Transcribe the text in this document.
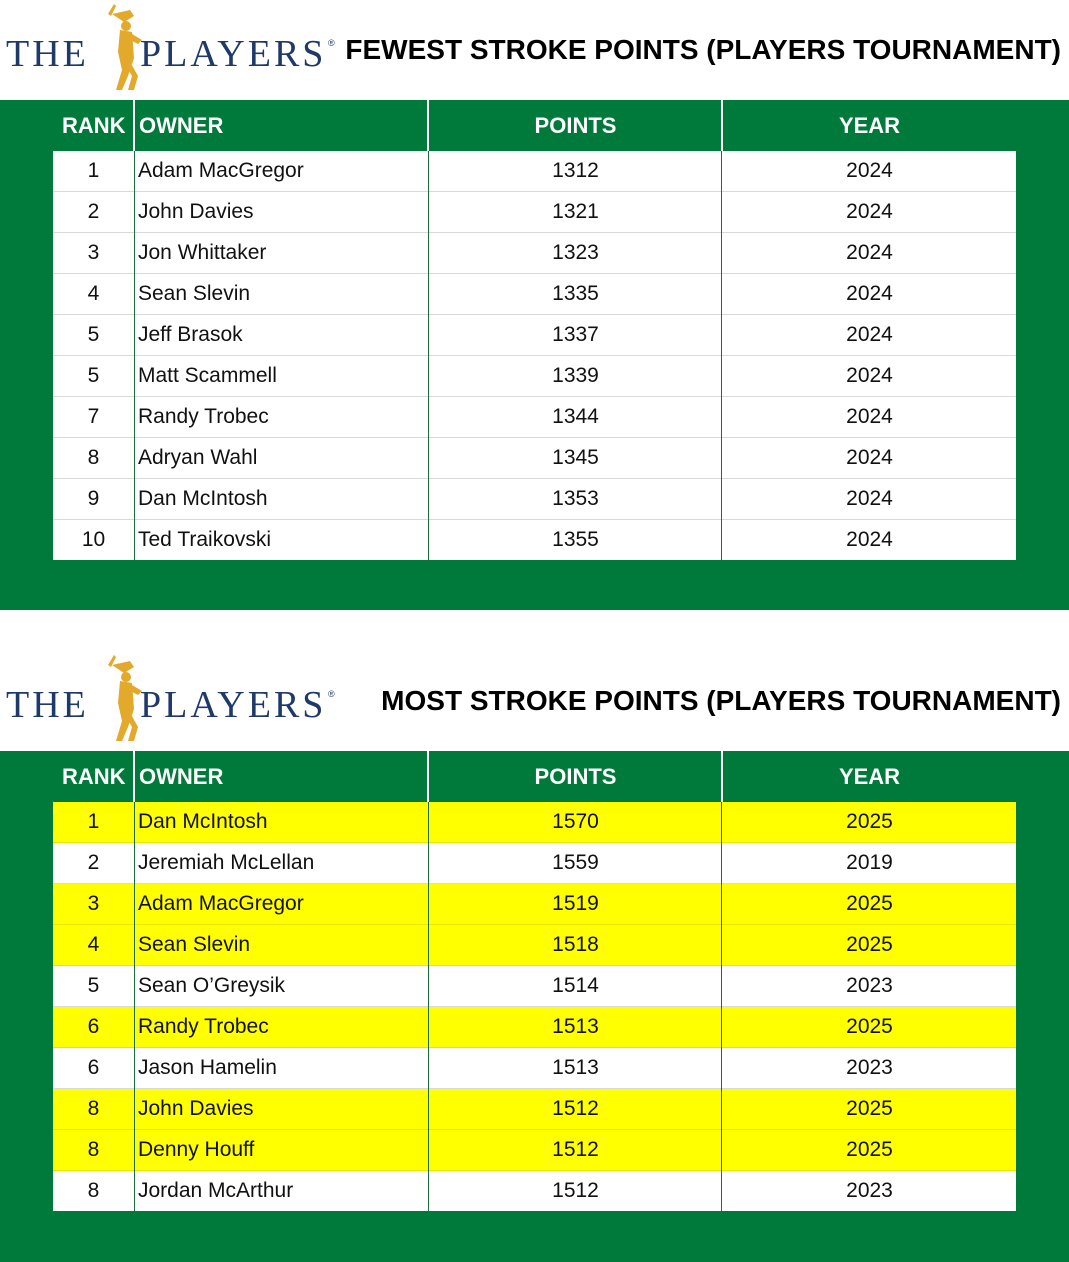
THE PLAYERS ® FEWEST STROKE POINTS (PLAYERS TOURNAMENT)
RANK OWNER	POINTS	YEAR
1	Adam MacGregor	1312	2024
2	John Davies	1321	2024
3	Jon Whittaker	1323	2024
4	Sean Slevin	1335	2024
5	Jeff Brasok	1337	2024
5	Matt Scammell	1339	2024
7	Randy Trobec	1344	2024
8	Adryan Wahl	1345	2024
9	Dan McIntosh	1353	2024
10	Ted Traikovski	1355	2024
THE PLAYERS ® MOST STROKE POINTS (PLAYERS TOURNAMENT)
RANK OWNER	POINTS	YEAR
1	Dan McIntosh	1570	2025
2	Jeremiah McLellan	1559	2019
3	Adam MacGregor	1519	2025
4	Sean Slevin	1518	2025
5	Sean O’Greysik	1514	2023
6	Randy Trobec	1513	2025
6	Jason Hamelin	1513	2023
8	John Davies	1512	2025
8	Denny Houff	1512	2025
8	Jordan McArthur	1512	2023
